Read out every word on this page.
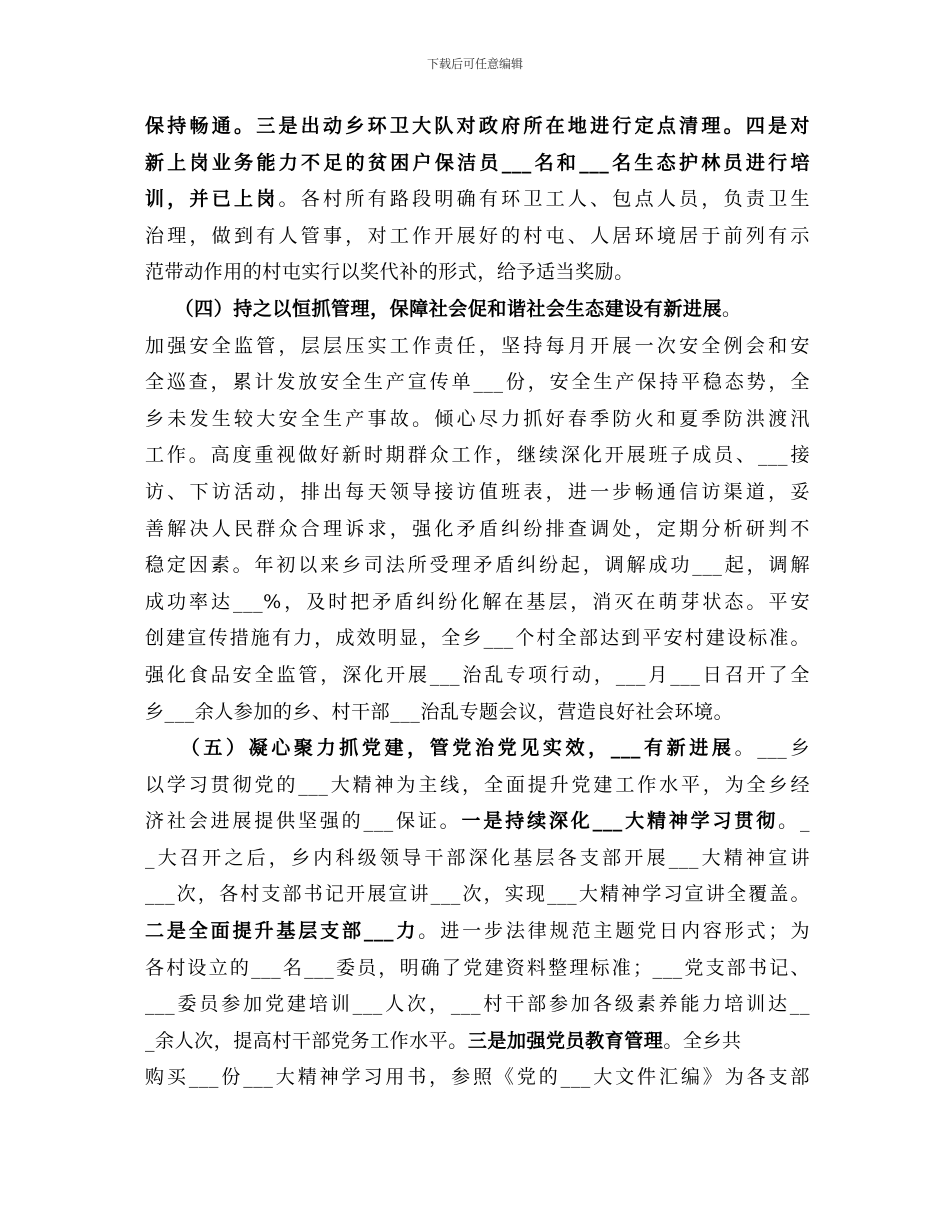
下载后可任意编辑
保持畅通。三是出动乡环卫大队对政府所在地进行定点清理。四是对
新上岗业务能力不足的贫困户保洁员___名和___名生态护林员进行培
训，并已上岗。各村所有路段明确有环卫工人、包点人员，负责卫生
治理，做到有人管事，对工作开展好的村屯、人居环境居于前列有示
范带动作用的村屯实行以奖代补的形式，给予适当奖励。
　　（四）持之以恒抓管理，保障社会促和谐社会生态建设有新进展。
加强安全监管，层层压实工作责任，坚持每月开展一次安全例会和安
全巡查，累计发放安全生产宣传单___份，安全生产保持平稳态势，全
乡未发生较大安全生产事故。倾心尽力抓好春季防火和夏季防洪渡汛
工作。高度重视做好新时期群众工作，继续深化开展班子成员、___接
访、下访活动，排出每天领导接访值班表，进一步畅通信访渠道，妥
善解决人民群众合理诉求，强化矛盾纠纷排查调处，定期分析研判不
稳定因素。年初以来乡司法所受理矛盾纠纷起，调解成功___起，调解
成功率达___%，及时把矛盾纠纷化解在基层，消灭在萌芽状态。平安
创建宣传措施有力，成效明显，全乡___个村全部达到平安村建设标准。
强化食品安全监管，深化开展___治乱专项行动，___月___日召开了全
乡___余人参加的乡、村干部___治乱专题会议，营造良好社会环境。
　　（五）凝心聚力抓党建，管党治党见实效，___有新进展。___乡
以学习贯彻党的___大精神为主线，全面提升党建工作水平，为全乡经
济社会进展提供坚强的___保证。一是持续深化___大精神学习贯彻。_
_大召开之后，乡内科级领导干部深化基层各支部开展___大精神宣讲
___次，各村支部书记开展宣讲___次，实现___大精神学习宣讲全覆盖。
二是全面提升基层支部___力。进一步法律规范主题党日内容形式；为
各村设立的___名___委员，明确了党建资料整理标准；___党支部书记、
___委员参加党建培训___人次，___村干部参加各级素养能力培训达__
_余人次，提高村干部党务工作水平。三是加强党员教育管理。全乡共
购买___份___大精神学习用书，参照《党的___大文件汇编》为各支部
